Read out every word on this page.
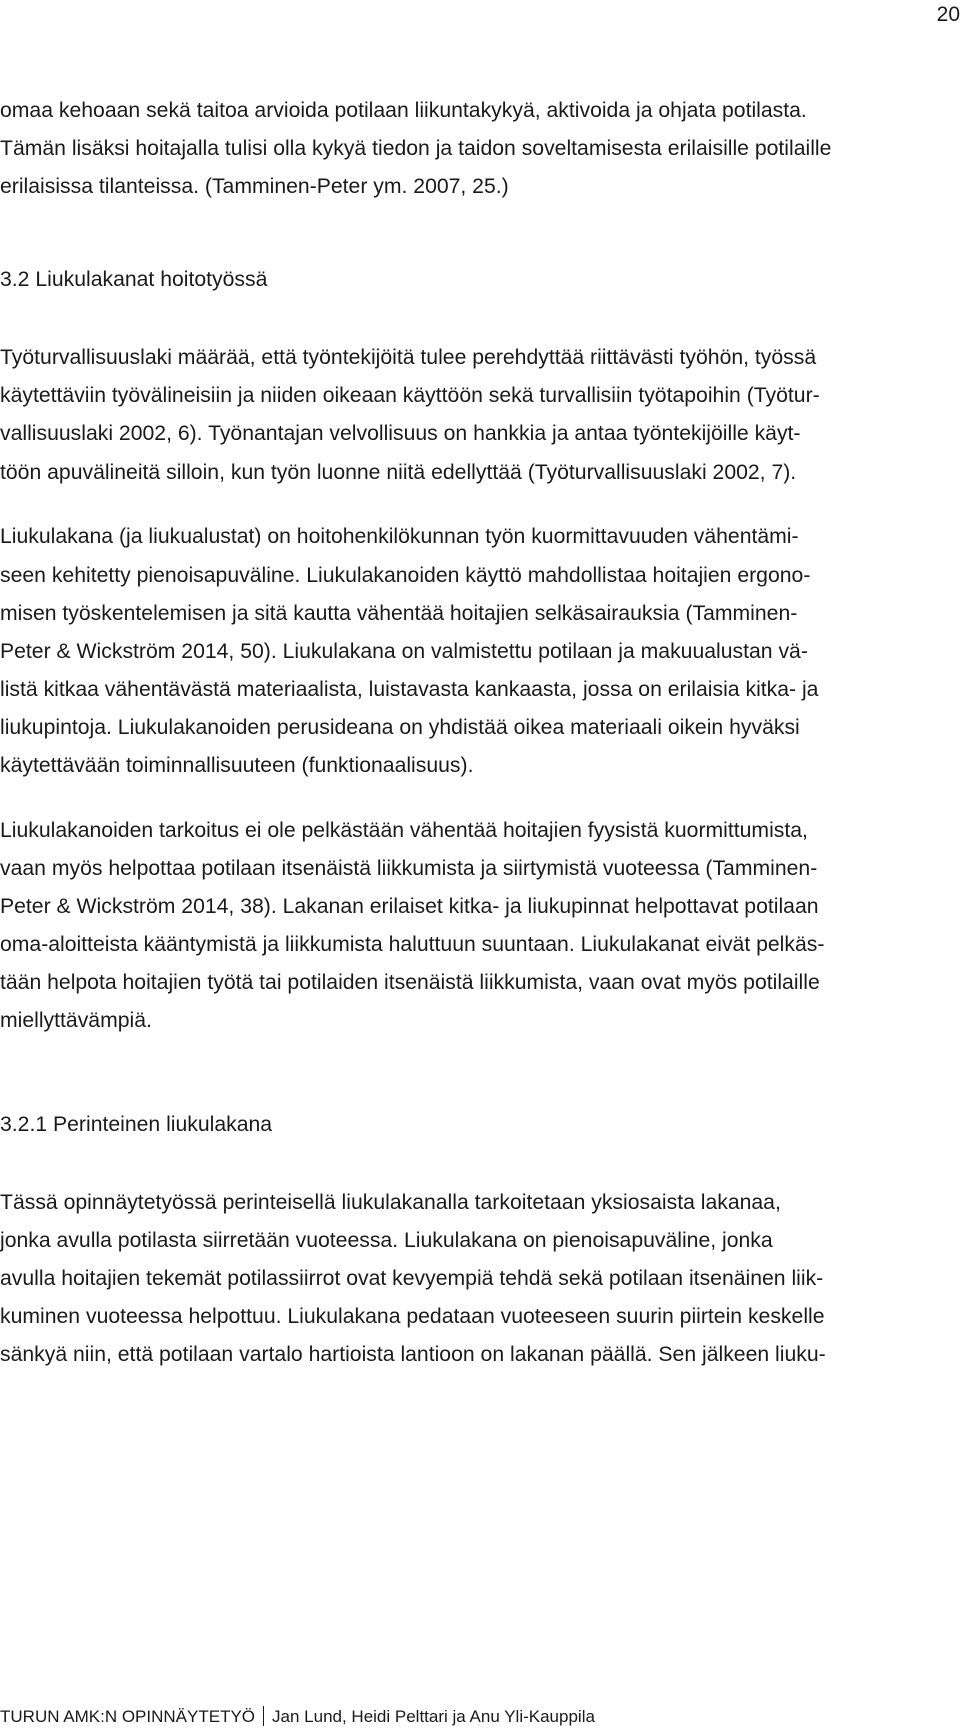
20
omaa kehoaan sekä taitoa arvioida potilaan liikuntakykyä, aktivoida ja ohjata potilasta.
Tämän lisäksi hoitajalla tulisi olla kykyä tiedon ja taidon soveltamisesta erilaisille potilaille
erilaisissa tilanteissa. (Tamminen-Peter ym. 2007, 25.)
3.2 Liukulakanat hoitotyössä
Työturvallisuuslaki määrää, että työntekijöitä tulee perehdyttää riittävästi työhön, työssä
käytettäviin työvälineisiin ja niiden oikeaan käyttöön sekä turvallisiin työtapoihin (Työtur-
vallisuuslaki 2002, 6). Työnantajan velvollisuus on hankkia ja antaa työntekijöille käyt-
töön apuvälineitä silloin, kun työn luonne niitä edellyttää (Työturvallisuuslaki 2002, 7).
Liukulakana (ja liukualustat) on hoitohenkilökunnan työn kuormittavuuden vähentämi-
seen kehitetty pienoisapuväline. Liukulakanoiden käyttö mahdollistaa hoitajien ergono-
misen työskentelemisen ja sitä kautta vähentää hoitajien selkäsairauksia (Tamminen-
Peter & Wickström 2014, 50). Liukulakana on valmistettu potilaan ja makuualustan vä-
listä kitkaa vähentävästä materiaalista, luistavasta kankaasta, jossa on erilaisia kitka- ja
liukupintoja. Liukulakanoiden perusideana on yhdistää oikea materiaali oikein hyväksi
käytettävään toiminnallisuuteen (funktionaalisuus).
Liukulakanoiden tarkoitus ei ole pelkästään vähentää hoitajien fyysistä kuormittumista,
vaan myös helpottaa potilaan itsenäistä liikkumista ja siirtymistä vuoteessa (Tamminen-
Peter & Wickström 2014, 38). Lakanan erilaiset kitka- ja liukupinnat helpottavat potilaan
oma-aloitteista kääntymistä ja liikkumista haluttuun suuntaan. Liukulakanat eivät pelkäs-
tään helpota hoitajien työtä tai potilaiden itsenäistä liikkumista, vaan ovat myös potilaille
miellyttävämpiä.
3.2.1 Perinteinen liukulakana
Tässä opinnäytetyössä perinteisellä liukulakanalla tarkoitetaan yksiosaista lakanaa,
jonka avulla potilasta siirretään vuoteessa. Liukulakana on pienoisapuväline, jonka
avulla hoitajien tekemät potilassiirrot ovat kevyempiä tehdä sekä potilaan itsenäinen liik-
kuminen vuoteessa helpottuu. Liukulakana pedataan vuoteeseen suurin piirtein keskelle
sänkyä niin, että potilaan vartalo hartioista lantioon on lakanan päällä. Sen jälkeen liuku-
TURUN AMK:N OPINNÄYTETYÖ Jan Lund, Heidi Pelttari ja Anu Yli-Kauppila
